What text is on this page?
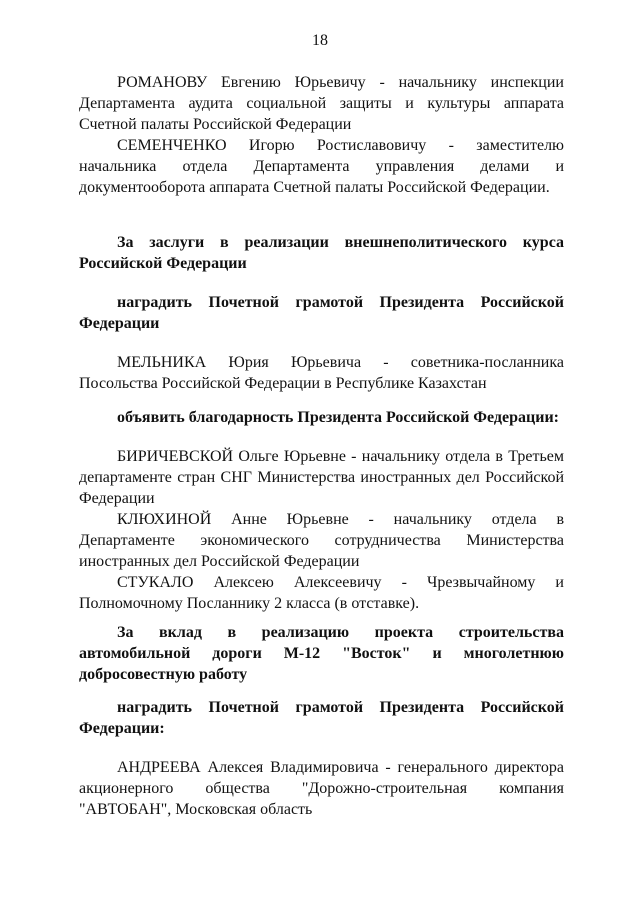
18

РОМАНОВУ Евгению Юрьевичу - начальнику инспекции Департамента аудита социальной защиты и культуры аппарата Счетной палаты Российской Федерации

СЕМЕНЧЕНКО Игорю Ростиславовичу - заместителю начальника отдела Департамента управления делами и документооборота аппарата Счетной палаты Российской Федерации.

За заслуги в реализации внешнеполитического курса Российской Федерации

наградить Почетной грамотой Президента Российской Федерации

МЕЛЬНИКА Юрия Юрьевича - советника-посланника Посольства Российской Федерации в Республике Казахстан

объявить благодарность Президента Российской Федерации:

БИРИЧЕВСКОЙ Ольге Юрьевне - начальнику отдела в Третьем департаменте стран СНГ Министерства иностранных дел Российской Федерации

КЛЮХИНОЙ Анне Юрьевне - начальнику отдела в Департаменте экономического сотрудничества Министерства иностранных дел Российской Федерации

СТУКАЛО Алексею Алексеевичу - Чрезвычайному и Полномочному Посланнику 2 класса (в отставке).

За вклад в реализацию проекта строительства автомобильной дороги М-12 "Восток" и многолетнюю добросовестную работу

наградить Почетной грамотой Президента Российской Федерации:

АНДРЕЕВА Алексея Владимировича - генерального директора акционерного общества "Дорожно-строительная компания "АВТОБАН", Московская область
